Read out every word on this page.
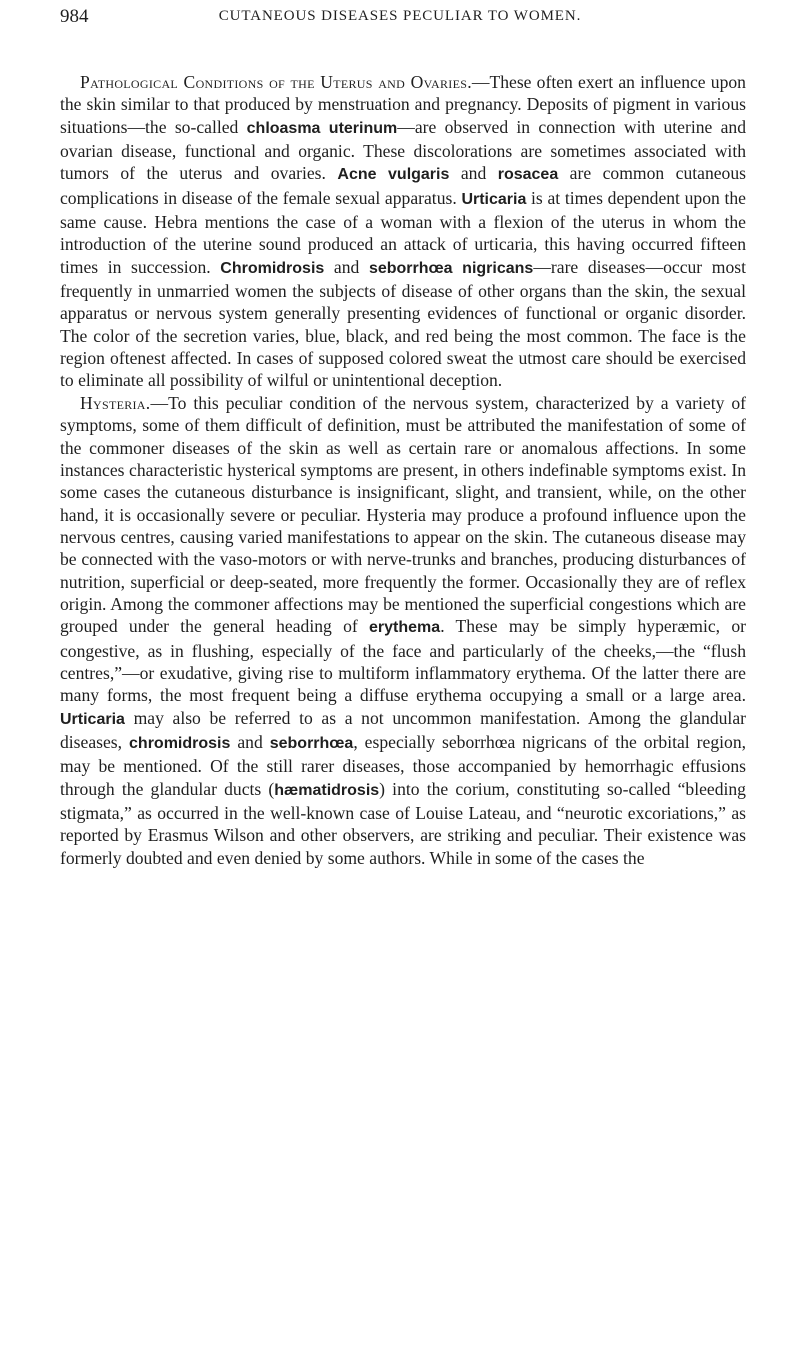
984	CUTANEOUS DISEASES PECULIAR TO WOMEN.

Pathological Conditions of the Uterus and Ovaries.—These often exert an influence upon the skin similar to that produced by menstruation and pregnancy. Deposits of pigment in various situations—the so-called chloasma uterinum—are observed in connection with uterine and ovarian disease, functional and organic. These discolorations are sometimes associated with tumors of the uterus and ovaries. Acne vulgaris and rosacea are common cutaneous complications in disease of the female sexual apparatus. Urticaria is at times dependent upon the same cause. Hebra mentions the case of a woman with a flexion of the uterus in whom the introduction of the uterine sound produced an attack of urticaria, this having occurred fifteen times in succession. Chromidrosis and seborrhœa nigricans—rare diseases—occur most frequently in unmarried women the subjects of disease of other organs than the skin, the sexual apparatus or nervous system generally presenting evidences of functional or organic disorder. The color of the secretion varies, blue, black, and red being the most common. The face is the region oftenest affected. In cases of supposed colored sweat the utmost care should be exercised to eliminate all possibility of wilful or unintentional deception.

Hysteria.—To this peculiar condition of the nervous system, characterized by a variety of symptoms, some of them difficult of definition, must be attributed the manifestation of some of the commoner diseases of the skin as well as certain rare or anomalous affections. In some instances characteristic hysterical symptoms are present, in others indefinable symptoms exist. In some cases the cutaneous disturbance is insignificant, slight, and transient, while, on the other hand, it is occasionally severe or peculiar. Hysteria may produce a profound influence upon the nervous centres, causing varied manifestations to appear on the skin. The cutaneous disease may be connected with the vaso-motors or with nerve-trunks and branches, producing disturbances of nutrition, superficial or deep-seated, more frequently the former. Occasionally they are of reflex origin. Among the commoner affections may be mentioned the superficial congestions which are grouped under the general heading of erythema. These may be simply hyperæmic, or congestive, as in flushing, especially of the face and particularly of the cheeks,—the “flush centres,”—or exudative, giving rise to multiform inflammatory erythema. Of the latter there are many forms, the most frequent being a diffuse erythema occupying a small or a large area. Urticaria may also be referred to as a not uncommon manifestation. Among the glandular diseases, chromidrosis and seborrhœa, especially seborrhœa nigricans of the orbital region, may be mentioned. Of the still rarer diseases, those accompanied by hemorrhagic effusions through the glandular ducts (hæmatidrosis) into the corium, constituting so-called “bleeding stigmata,” as occurred in the well-known case of Louise Lateau, and “neurotic excoriations,” as reported by Erasmus Wilson and other observers, are striking and peculiar. Their existence was formerly doubted and even denied by some authors. While in some of the cases the
